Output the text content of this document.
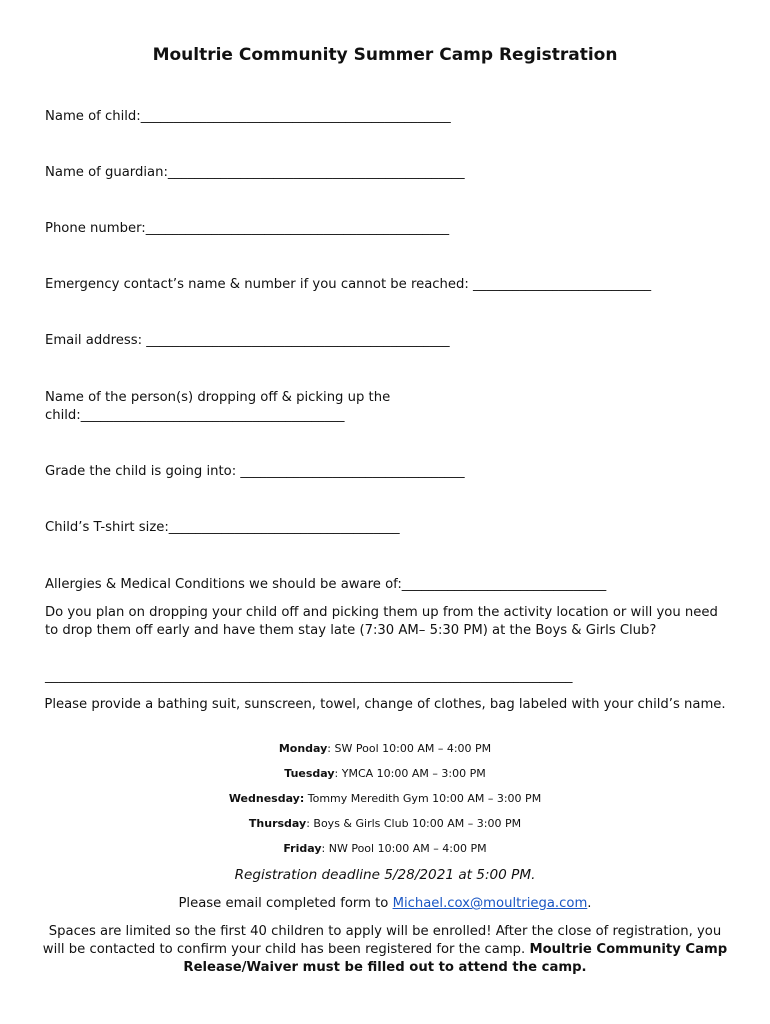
Moultrie Community Summer Camp Registration
Name of child:_______________________________________________
Name of guardian:_____________________________________________
Phone number:______________________________________________
Emergency contact’s name & number if you cannot be reached: ___________________________
Email address: ______________________________________________
Name of the person(s) dropping off & picking up the
child:________________________________________
Grade the child is going into: __________________________________
Child’s T-shirt size:___________________________________
Allergies & Medical Conditions we should be aware of:_______________________________
Do you plan on dropping your child off and picking them up from the activity location or will you need to drop them off early and have them stay late (7:30 AM– 5:30 PM) at the Boys & Girls Club?
________________________________________________________________________________
Please provide a bathing suit, sunscreen, towel, change of clothes, bag labeled with your child’s name.
Monday: SW Pool 10:00 AM – 4:00 PM
Tuesday: YMCA 10:00 AM – 3:00 PM
Wednesday: Tommy Meredith Gym 10:00 AM – 3:00 PM
Thursday: Boys & Girls Club 10:00 AM – 3:00 PM
Friday: NW Pool 10:00 AM – 4:00 PM
Registration deadline 5/28/2021 at 5:00 PM.
Please email completed form to Michael.cox@moultriega.com.
Spaces are limited so the first 40 children to apply will be enrolled! After the close of registration, you will be contacted to confirm your child has been registered for the camp. Moultrie Community Camp Release/Waiver must be filled out to attend the camp.
